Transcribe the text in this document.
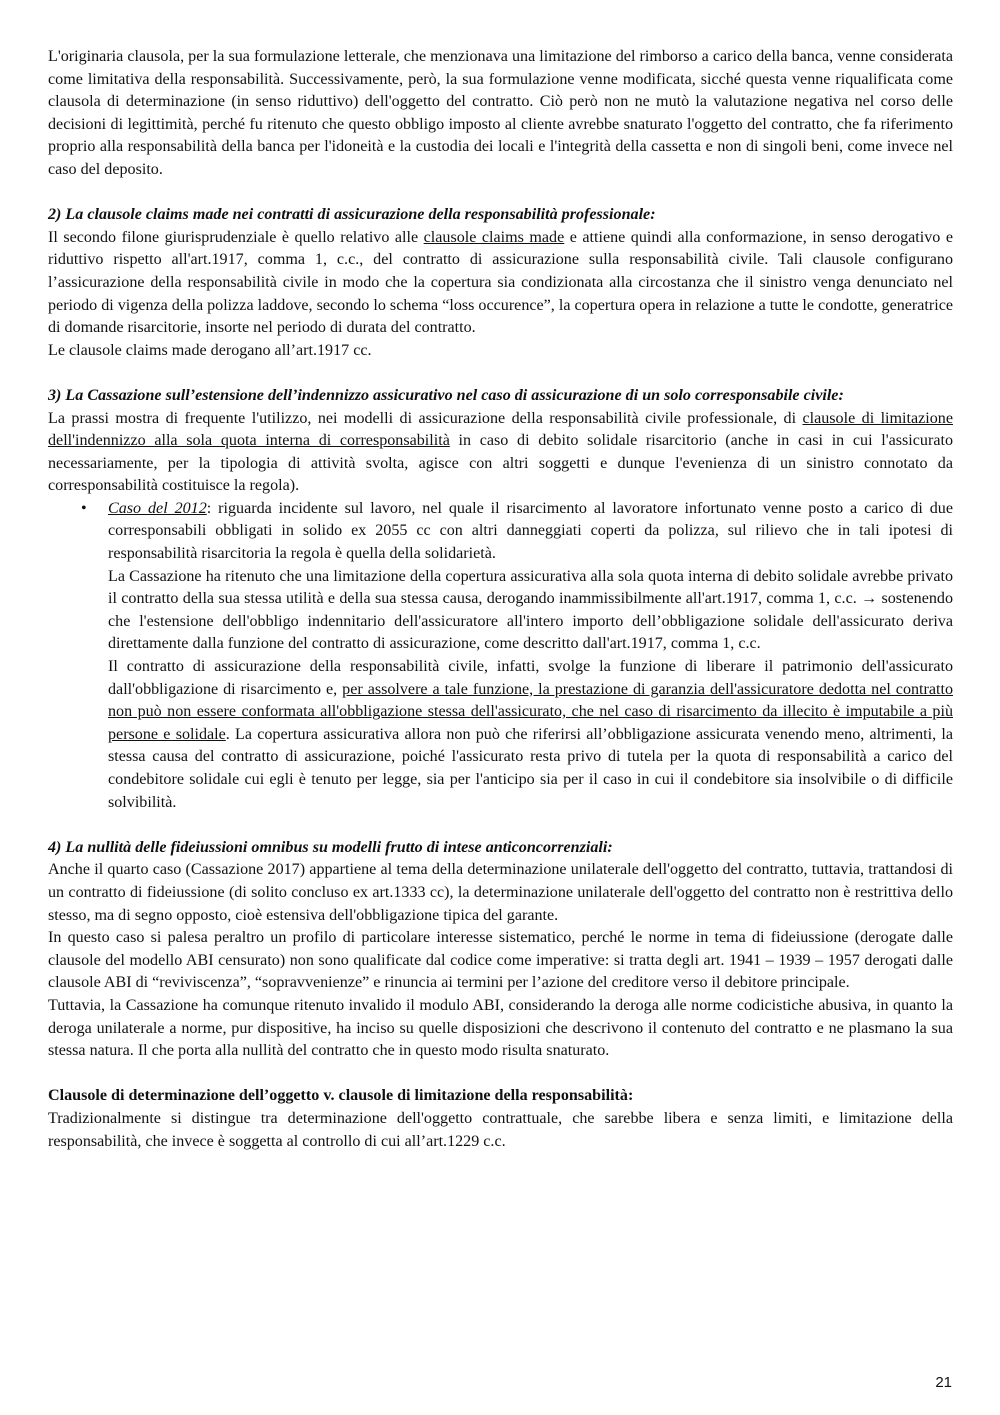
L'originaria clausola, per la sua formulazione letterale, che menzionava una limitazione del rimborso a carico della banca, venne considerata come limitativa della responsabilità. Successivamente, però, la sua formulazione venne modificata, sicché questa venne riqualificata come clausola di determinazione (in senso riduttivo) dell'oggetto del contratto. Ciò però non ne mutò la valutazione negativa nel corso delle decisioni di legittimità, perché fu ritenuto che questo obbligo imposto al cliente avrebbe snaturato l'oggetto del contratto, che fa riferimento proprio alla responsabilità della banca per l'idoneità e la custodia dei locali e l'integrità della cassetta e non di singoli beni, come invece nel caso del deposito.

2) La clausole claims made nei contratti di assicurazione della responsabilità professionale:

Il secondo filone giurisprudenziale è quello relativo alle clausole claims made e attiene quindi alla conformazione, in senso derogativo e riduttivo rispetto all'art.1917, comma 1, c.c., del contratto di assicurazione sulla responsabilità civile. Tali clausole configurano l’assicurazione della responsabilità civile in modo che la copertura sia condizionata alla circostanza che il sinistro venga denunciato nel periodo di vigenza della polizza laddove, secondo lo schema “loss occurence”, la copertura opera in relazione a tutte le condotte, generatrice di domande risarcitorie, insorte nel periodo di durata del contratto.

Le clausole claims made derogano all’art.1917 cc.

3) La Cassazione sull’estensione dell’indennizzo assicurativo nel caso di assicurazione di un solo corresponsabile civile:

La prassi mostra di frequente l'utilizzo, nei modelli di assicurazione della responsabilità civile professionale, di clausole di limitazione dell'indennizzo alla sola quota interna di corresponsabilità in caso di debito solidale risarcitorio (anche in casi in cui l'assicurato necessariamente, per la tipologia di attività svolta, agisce con altri soggetti e dunque l'evenienza di un sinistro connotato da corresponsabilità costituisce la regola).

• Caso del 2012: riguarda incidente sul lavoro, nel quale il risarcimento al lavoratore infortunato venne posto a carico di due corresponsabili obbligati in solido ex 2055 cc con altri danneggiati coperti da polizza, sul rilievo che in tali ipotesi di responsabilità risarcitoria la regola è quella della solidarietà.

La Cassazione ha ritenuto che una limitazione della copertura assicurativa alla sola quota interna di debito solidale avrebbe privato il contratto della sua stessa utilità e della sua stessa causa, derogando inammissibilmente all'art.1917, comma 1, c.c. → sostenendo che l'estensione dell'obbligo indennitario dell'assicuratore all'intero importo dell’obbligazione solidale dell'assicurato deriva direttamente dalla funzione del contratto di assicurazione, come descritto dall'art.1917, comma 1, c.c.

Il contratto di assicurazione della responsabilità civile, infatti, svolge la funzione di liberare il patrimonio dell'assicurato dall'obbligazione di risarcimento e, per assolvere a tale funzione, la prestazione di garanzia dell'assicuratore dedotta nel contratto non può non essere conformata all'obbligazione stessa dell'assicurato, che nel caso di risarcimento da illecito è imputabile a più persone e solidale. La copertura assicurativa allora non può che riferirsi all’obbligazione assicurata venendo meno, altrimenti, la stessa causa del contratto di assicurazione, poiché l'assicurato resta privo di tutela per la quota di responsabilità a carico del condebitore solidale cui egli è tenuto per legge, sia per l'anticipo sia per il caso in cui il condebitore sia insolvibile o di difficile solvibilità.

4) La nullità delle fideiussioni omnibus su modelli frutto di intese anticoncorrenziali:

Anche il quarto caso (Cassazione 2017) appartiene al tema della determinazione unilaterale dell'oggetto del contratto, tuttavia, trattandosi di un contratto di fideiussione (di solito concluso ex art.1333 cc), la determinazione unilaterale dell'oggetto del contratto non è restrittiva dello stesso, ma di segno opposto, cioè estensiva dell'obbligazione tipica del garante.

In questo caso si palesa peraltro un profilo di particolare interesse sistematico, perché le norme in tema di fideiussione (derogate dalle clausole del modello ABI censurato) non sono qualificate dal codice come imperative: si tratta degli art. 1941 – 1939 – 1957 derogati dalle clausole ABI di “reviviscenza”, “sopravvenienze” e rinuncia ai termini per l’azione del creditore verso il debitore principale.

Tuttavia, la Cassazione ha comunque ritenuto invalido il modulo ABI, considerando la deroga alle norme codicistiche abusiva, in quanto la deroga unilaterale a norme, pur dispositive, ha inciso su quelle disposizioni che descrivono il contenuto del contratto e ne plasmano la sua stessa natura. Il che porta alla nullità del contratto che in questo modo risulta snaturato.

Clausole di determinazione dell’oggetto v. clausole di limitazione della responsabilità:

Tradizionalmente si distingue tra determinazione dell'oggetto contrattuale, che sarebbe libera e senza limiti, e limitazione della responsabilità, che invece è soggetta al controllo di cui all’art.1229 c.c.

21
